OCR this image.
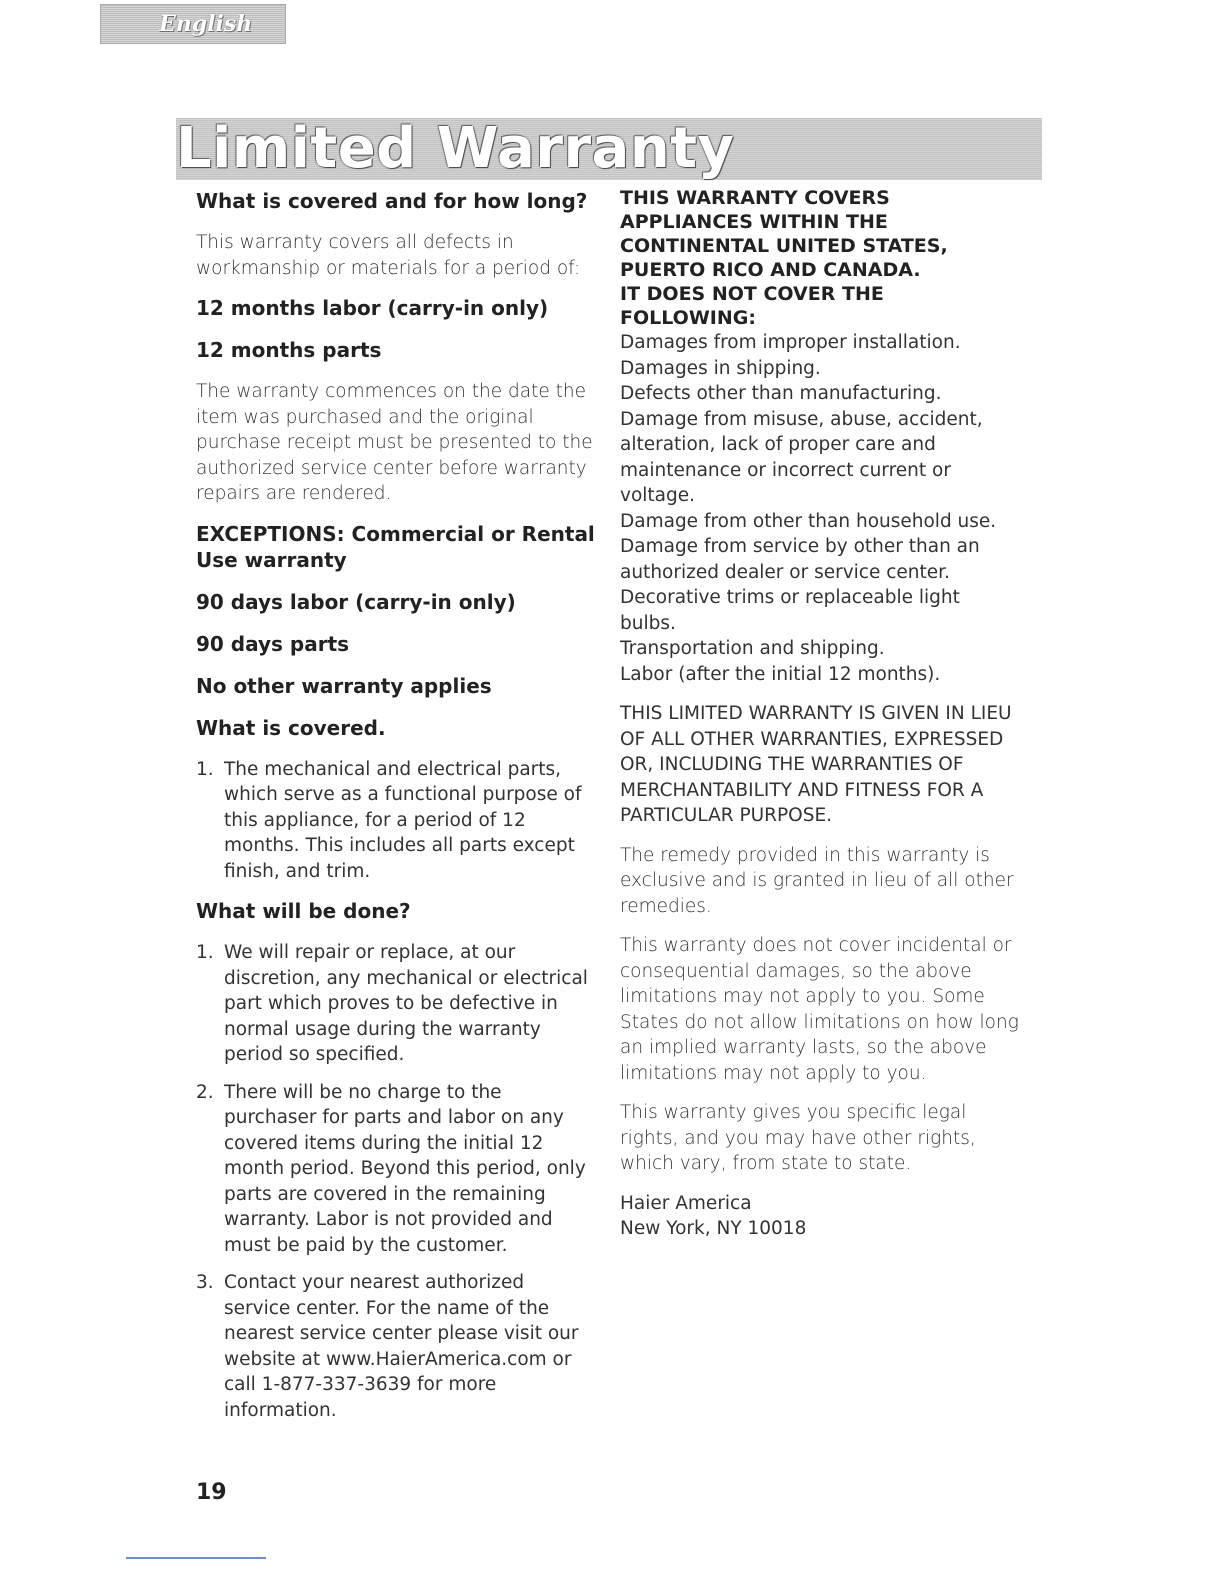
English
Limited Warranty

What is covered and for how long?

This warranty covers all defects in workmanship or materials for a period of:

12 months labor (carry-in only)

12 months parts

The warranty commences on the date the item was purchased and the original purchase receipt must be presented to the authorized service center before warranty repairs are rendered.

EXCEPTIONS: Commercial or Rental Use warranty

90 days labor (carry-in only)

90 days parts

No other warranty applies

What is covered.

1. The mechanical and electrical parts, which serve as a functional purpose of this appliance, for a period of 12 months. This includes all parts except finish, and trim.

What will be done?

1. We will repair or replace, at our discretion, any mechanical or electrical part which proves to be defective in normal usage during the warranty period so specified.
2. There will be no charge to the purchaser for parts and labor on any covered items during the initial 12 month period. Beyond this period, only parts are covered in the remaining warranty. Labor is not provided and must be paid by the customer.
3. Contact your nearest authorized service center. For the name of the nearest service center please visit our website at www.HaierAmerica.com or call 1-877-337-3639 for more information.

THIS WARRANTY COVERS APPLIANCES WITHIN THE CONTINENTAL UNITED STATES, PUERTO RICO AND CANADA.

IT DOES NOT COVER THE FOLLOWING:

Damages from improper installation.
Damages in shipping.
Defects other than manufacturing.
Damage from misuse, abuse, accident, alteration, lack of proper care and maintenance or incorrect current or voltage.
Damage from other than household use.
Damage from service by other than an authorized dealer or service center.
Decorative trims or replaceable light bulbs.
Transportation and shipping.
Labor (after the initial 12 months).

THIS LIMITED WARRANTY IS GIVEN IN LIEU OF ALL OTHER WARRANTIES, EXPRESSED OR, INCLUDING THE WARRANTIES OF MERCHANTABILITY AND FITNESS FOR A PARTICULAR PURPOSE.

The remedy provided in this warranty is exclusive and is granted in lieu of all other remedies.

This warranty does not cover incidental or consequential damages, so the above limitations may not apply to you. Some States do not allow limitations on how long an implied warranty lasts, so the above limitations may not apply to you.

This warranty gives you specific legal rights, and you may have other rights, which vary, from state to state.

Haier America

New York, NY 10018

19
